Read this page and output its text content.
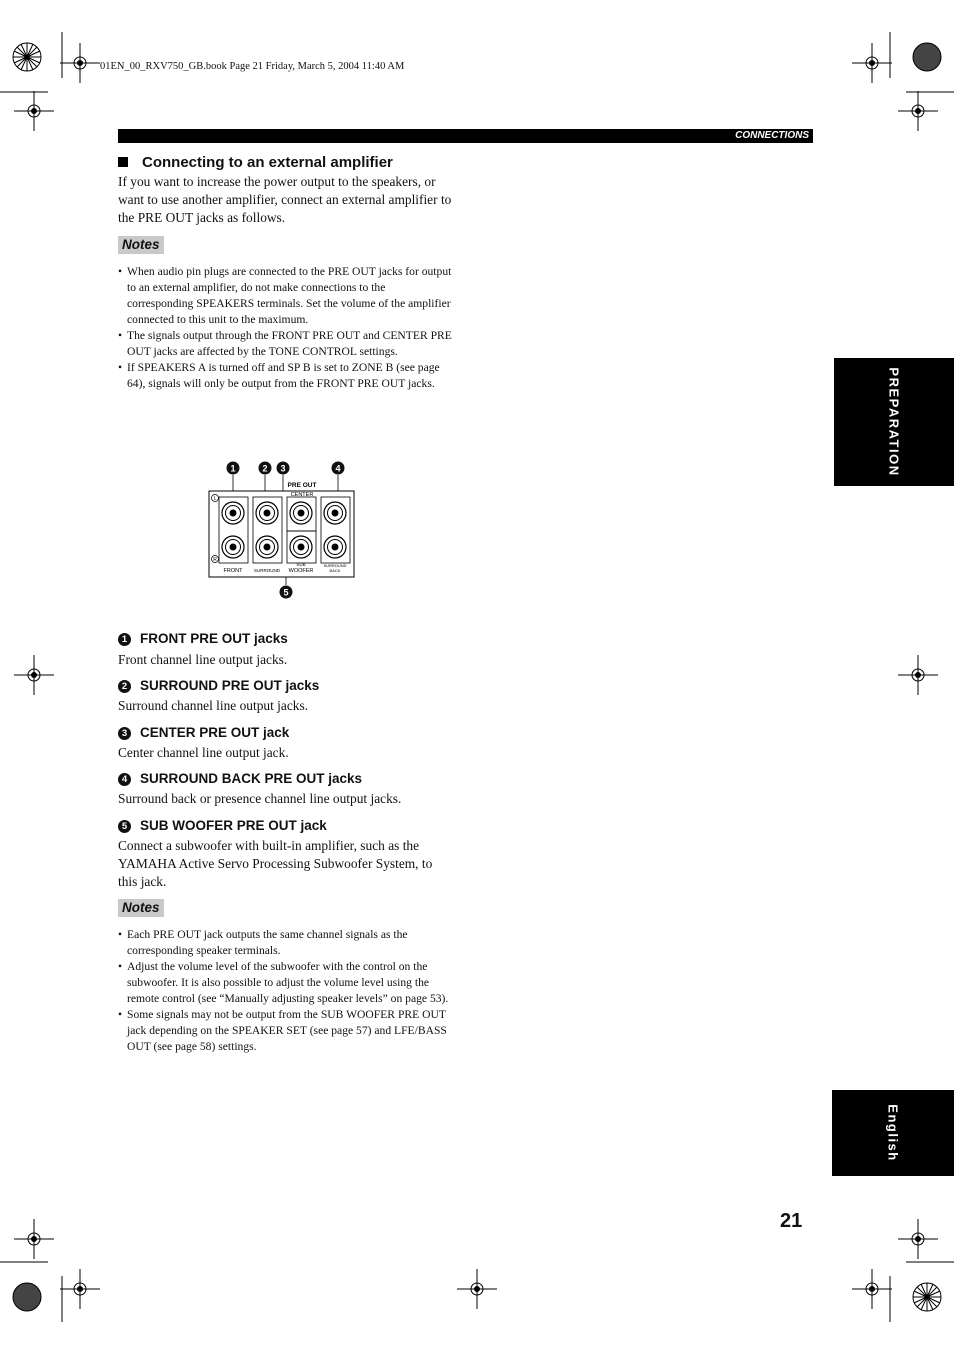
01EN_00_RXV750_GB.book Page 21 Friday, March 5, 2004 11:40 AM
CONNECTIONS
Connecting to an external amplifier
If you want to increase the power output to the speakers, or want to use another amplifier, connect an external amplifier to the PRE OUT jacks as follows.
Notes
• When audio pin plugs are connected to the PRE OUT jacks for output to an external amplifier, do not make connections to the corresponding SPEAKERS terminals. Set the volume of the amplifier connected to this unit to the maximum.
• The signals output through the FRONT PRE OUT and CENTER PRE OUT jacks are affected by the TONE CONTROL settings.
• If SPEAKERS A is turned off and SP B is set to ZONE B (see page 64), signals will only be output from the FRONT PRE OUT jacks.
1	2 3	4
5
PRE OUT
CENTER
L
R
FRONT	SURROUND
SUB
WOOFER
SURROUND
BACK
1 FRONT PRE OUT jacks
Front channel line output jacks.
2 SURROUND PRE OUT jacks
Surround channel line output jacks.
3 CENTER PRE OUT jack
Center channel line output jack.
4 SURROUND BACK PRE OUT jacks
Surround back or presence channel line output jacks.
5 SUB WOOFER PRE OUT jack
Connect a subwoofer with built-in amplifier, such as the YAMAHA Active Servo Processing Subwoofer System, to this jack.
Notes
• Each PRE OUT jack outputs the same channel signals as the corresponding speaker terminals.
• Adjust the volume level of the subwoofer with the control on the subwoofer. It is also possible to adjust the volume level using the remote control (see “Manually adjusting speaker levels” on page 53).
• Some signals may not be output from the SUB WOOFER PRE OUT jack depending on the SPEAKER SET (see page 57) and LFE/BASS OUT (see page 58) settings.
PREPARATION
English
21
